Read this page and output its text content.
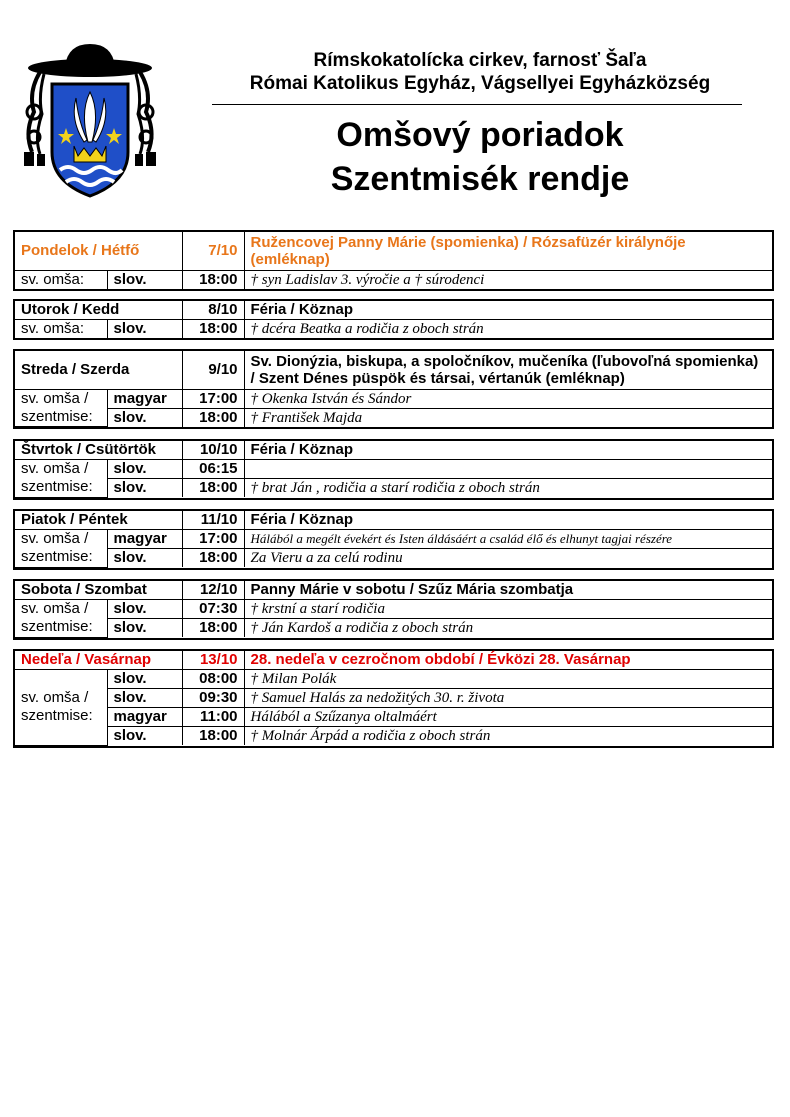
Rímskokatolícka cirkev, farnosť Šaľa
Római Katolikus Egyház, Vágsellyei Egyházközség
Omšový poriadok
Szentmisék rendje
Pondelok / Hétfő		7/10	Ružencovej Panny Márie (spomienka) / Rózsafüzér királynője (emléknap)
sv. omša:	slov.	18:00	† syn Ladislav 3. výročie a † súrodenci
Utorok / Kedd		8/10	Féria / Köznap
sv. omša:	slov.	18:00	† dcéra Beatka a rodičia z oboch strán
Streda / Szerda		9/10	Sv. Dionýzia, biskupa, a spoločníkov, mučeníka (ľubovoľná spomienka) / Szent Dénes püspök és társai, vértanúk (emléknap)
sv. omša /
szentmise:	magyar	17:00	† Okenka István és Sándor
	slov.	18:00	† František Majda
Štvrtok / Csütörtök		10/10	Féria / Köznap
sv. omša /
szentmise:	slov.	06:15	
	slov.	18:00	† brat Ján , rodičia a starí rodičia z oboch strán
Piatok / Péntek		11/10	Féria / Köznap
sv. omša /
szentmise:	magyar	17:00	Hálából a megélt évekért és Isten áldásáért a család élő és elhunyt tagjai részére
	slov.	18:00	Za Vieru a za celú rodinu
Sobota / Szombat		12/10	Panny Márie v sobotu / Szűz Mária szombatja
sv. omša /
szentmise:	slov.	07:30	† krstní a starí rodičia
	slov.	18:00	† Ján Kardoš a rodičia z oboch strán
Nedeľa / Vasárnap		13/10	28. nedeľa v cezročnom období / Évközi 28. Vasárnap
sv. omša /
szentmise:	slov.	08:00	† Milan Polák
	slov.	09:30	† Samuel Halás za nedožitých 30. r. života
	magyar	11:00	Hálából a Szűzanya oltalmáért
	slov.	18:00	† Molnár Árpád a rodičia z oboch strán
